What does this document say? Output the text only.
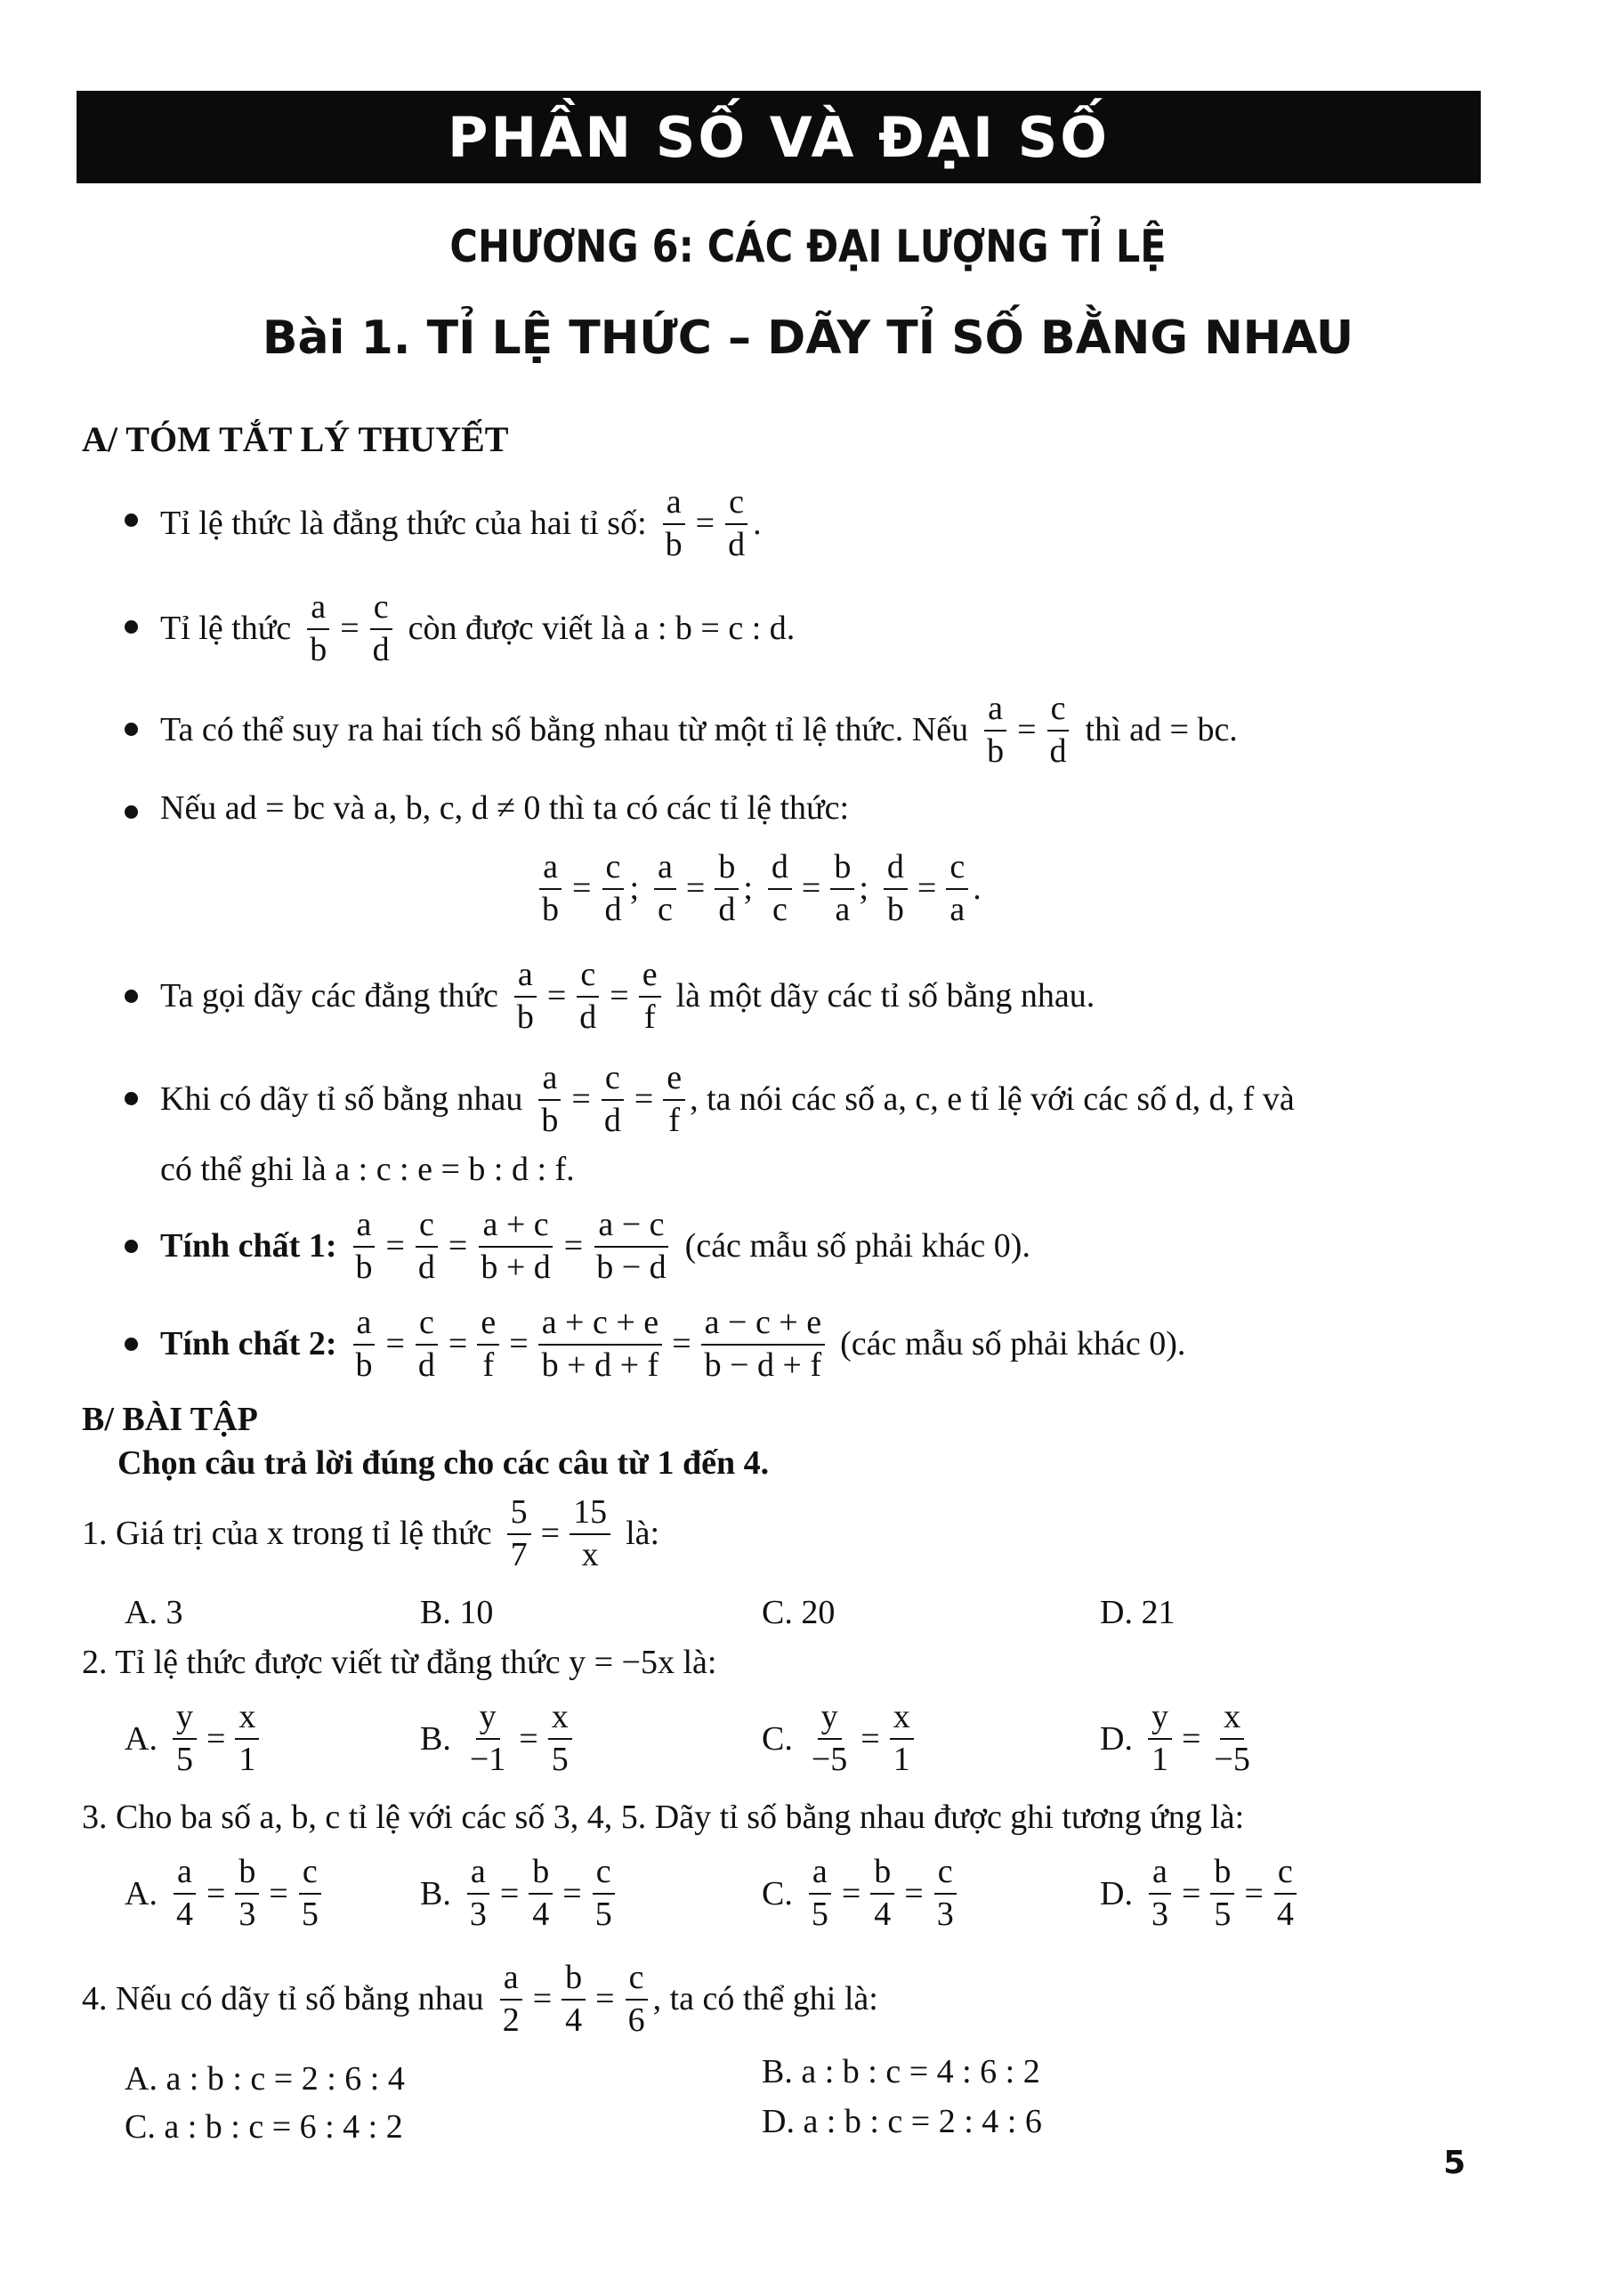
PHẦN SỐ VÀ ĐẠI SỐ
CHƯƠNG 6: CÁC ĐẠI LƯỢNG TỈ LỆ
Bài 1. TỈ LỆ THỨC – DÃY TỈ SỐ BẰNG NHAU
A/ TÓM TẮT LÝ THUYẾT
Tỉ lệ thức là đẳng thức của hai tỉ số: $\frac{a}{b} = \frac{c}{d}$ .
Tỉ lệ thức $\frac{a}{b} = \frac{c}{d}$ còn được viết là a : b = c : d.
Ta có thể suy ra hai tích số bằng nhau từ một tỉ lệ thức. Nếu $\frac{a}{b} = \frac{c}{d}$ thì ad = bc.
Nếu ad = bc và a, b, c, d ≠ 0 thì ta có các tỉ lệ thức:
$\frac{a}{b} = \frac{c}{d}$ ; $\frac{a}{c} = \frac{b}{d}$ ; $\frac{d}{c} = \frac{b}{a}$ ; $\frac{d}{b} = \frac{c}{a}$ .
Ta gọi dãy các đẳng thức $\frac{a}{b} = \frac{c}{d} = \frac{e}{f}$ là một dãy các tỉ số bằng nhau.
Khi có dãy tỉ số bằng nhau $\frac{a}{b} = \frac{c}{d} = \frac{e}{f}$ , ta nói các số a, c, e tỉ lệ với các số d, d, f và
có thể ghi là a : c : e = b : d : f.
Tính chất 1: $\frac{a}{b} = \frac{c}{d} = \frac{a + c}{b + d} = \frac{a - c}{b - d}$ (các mẫu số phải khác 0).
Tính chất 2: $\frac{a}{b} = \frac{c}{d} = \frac{e}{f} = \frac{a + c + e}{b + d + f} = \frac{a - c + e}{b - d + f}$ (các mẫu số phải khác 0).
B/ BÀI TẬP
Chọn câu trả lời đúng cho các câu từ 1 đến 4.
1. Giá trị của x trong tỉ lệ thức $\frac{5}{7} = \frac{15}{x}$ là:
A. 3	B. 10	C. 20	D. 21
2. Tỉ lệ thức được viết từ đẳng thức y = −5x là:
A. $\frac{y}{5} = \frac{x}{1}$	B. $\frac{y}{-1} = \frac{x}{5}$	C. $\frac{y}{-5} = \frac{x}{1}$	D. $\frac{y}{1} = \frac{x}{-5}$
3. Cho ba số a, b, c tỉ lệ với các số 3, 4, 5. Dãy tỉ số bằng nhau được ghi tương ứng là:
A. $\frac{a}{4} = \frac{b}{3} = \frac{c}{5}$	B. $\frac{a}{3} = \frac{b}{4} = \frac{c}{5}$	C. $\frac{a}{5} = \frac{b}{4} = \frac{c}{3}$	D. $\frac{a}{3} = \frac{b}{5} = \frac{c}{4}$
4. Nếu có dãy tỉ số bằng nhau $\frac{a}{2} = \frac{b}{4} = \frac{c}{6}$ , ta có thể ghi là:
A. a : b : c = 2 : 6 : 4	B. a : b : c = 4 : 6 : 2
C. a : b : c = 6 : 4 : 2	D. a : b : c = 2 : 4 : 6
5
